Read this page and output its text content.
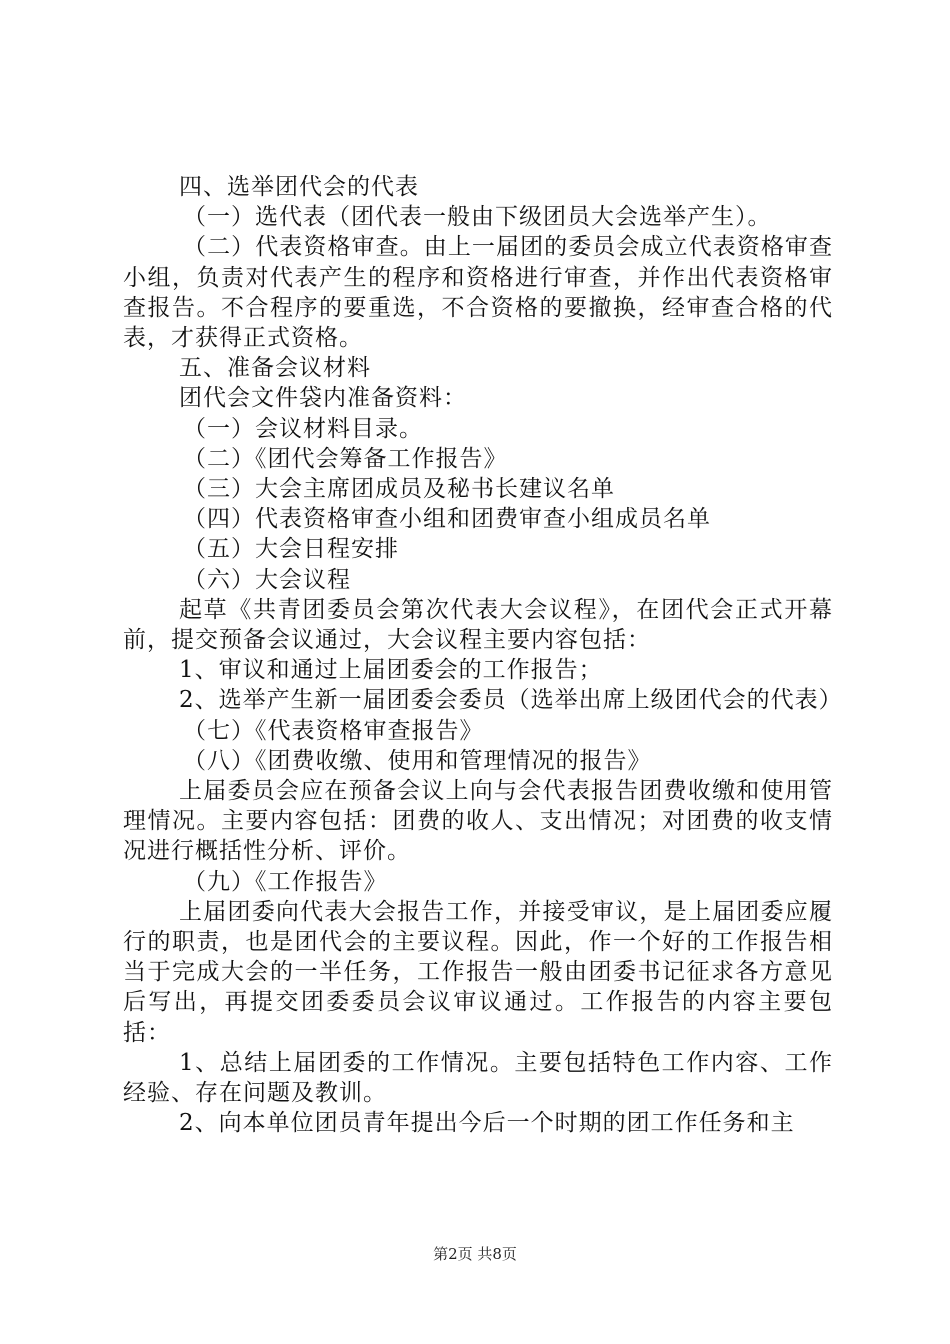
四、选举团代会的代表

（一）选代表（团代表一般由下级团员大会选举产生）。

（二）代表资格审查。由上一届团的委员会成立代表资格审查小组，负责对代表产生的程序和资格进行审查，并作出代表资格审查报告。不合程序的要重选，不合资格的要撤换，经审查合格的代表，才获得正式资格。

五、准备会议材料

团代会文件袋内准备资料：

（一）会议材料目录。

（二）《团代会筹备工作报告》

（三）大会主席团成员及秘书长建议名单

（四）代表资格审查小组和团费审查小组成员名单

（五）大会日程安排

（六）大会议程

起草《共青团委员会第次代表大会议程》，在团代会正式开幕前，提交预备会议通过，大会议程主要内容包括：

1、审议和通过上届团委会的工作报告；

2、选举产生新一届团委会委员（选举出席上级团代会的代表）

（七）《代表资格审查报告》

（八）《团费收缴、使用和管理情况的报告》

上届委员会应在预备会议上向与会代表报告团费收缴和使用管理情况。主要内容包括：团费的收人、支出情况；对团费的收支情况进行概括性分析、评价。

（九）《工作报告》

上届团委向代表大会报告工作，并接受审议，是上届团委应履行的职责，也是团代会的主要议程。因此，作一个好的工作报告相当于完成大会的一半任务，工作报告一般由团委书记征求各方意见后写出，再提交团委委员会议审议通过。工作报告的内容主要包括：

1、总结上届团委的工作情况。主要包括特色工作内容、工作经验、存在问题及教训。

2、向本单位团员青年提出今后一个时期的团工作任务和主

第2页 共8页
